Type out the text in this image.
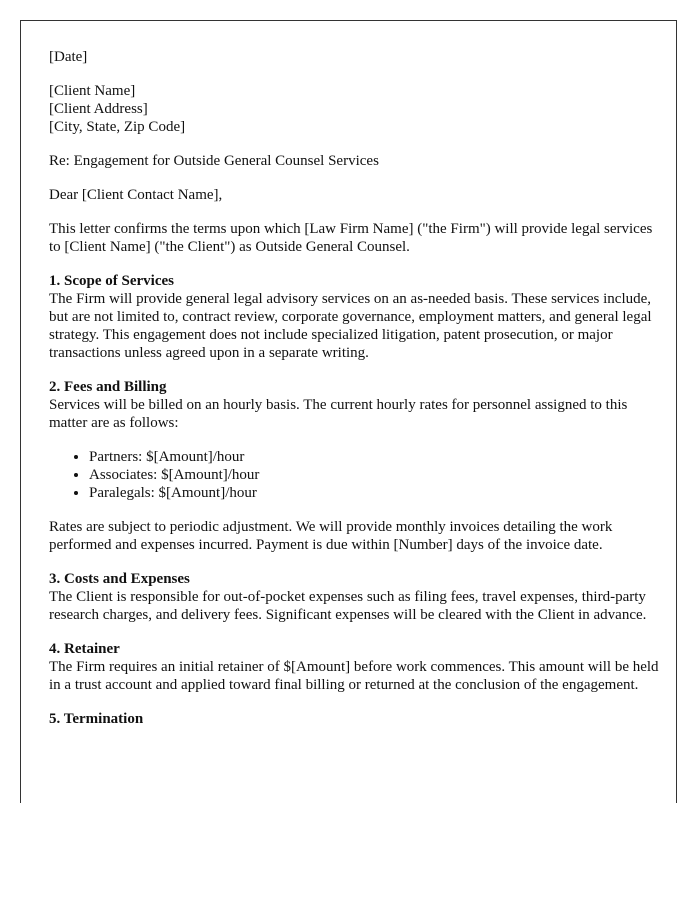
[Date]

[Client Name]
[Client Address]
[City, State, Zip Code]

Re: Engagement for Outside General Counsel Services

Dear [Client Contact Name],

This letter confirms the terms upon which [Law Firm Name] ("the Firm") will provide legal services to [Client Name] ("the Client") as Outside General Counsel.

1. Scope of Services
The Firm will provide general legal advisory services on an as-needed basis. These services include, but are not limited to, contract review, corporate governance, employment matters, and general legal strategy. This engagement does not include specialized litigation, patent prosecution, or major transactions unless agreed upon in a separate writing.

2. Fees and Billing
Services will be billed on an hourly basis. The current hourly rates for personnel assigned to this matter are as follows:

• Partners: $[Amount]/hour
• Associates: $[Amount]/hour
• Paralegals: $[Amount]/hour

Rates are subject to periodic adjustment. We will provide monthly invoices detailing the work performed and expenses incurred. Payment is due within [Number] days of the invoice date.

3. Costs and Expenses
The Client is responsible for out-of-pocket expenses such as filing fees, travel expenses, third-party research charges, and delivery fees. Significant expenses will be cleared with the Client in advance.

4. Retainer
The Firm requires an initial retainer of $[Amount] before work commences. This amount will be held in a trust account and applied toward final billing or returned at the conclusion of the engagement.

5. Termination
